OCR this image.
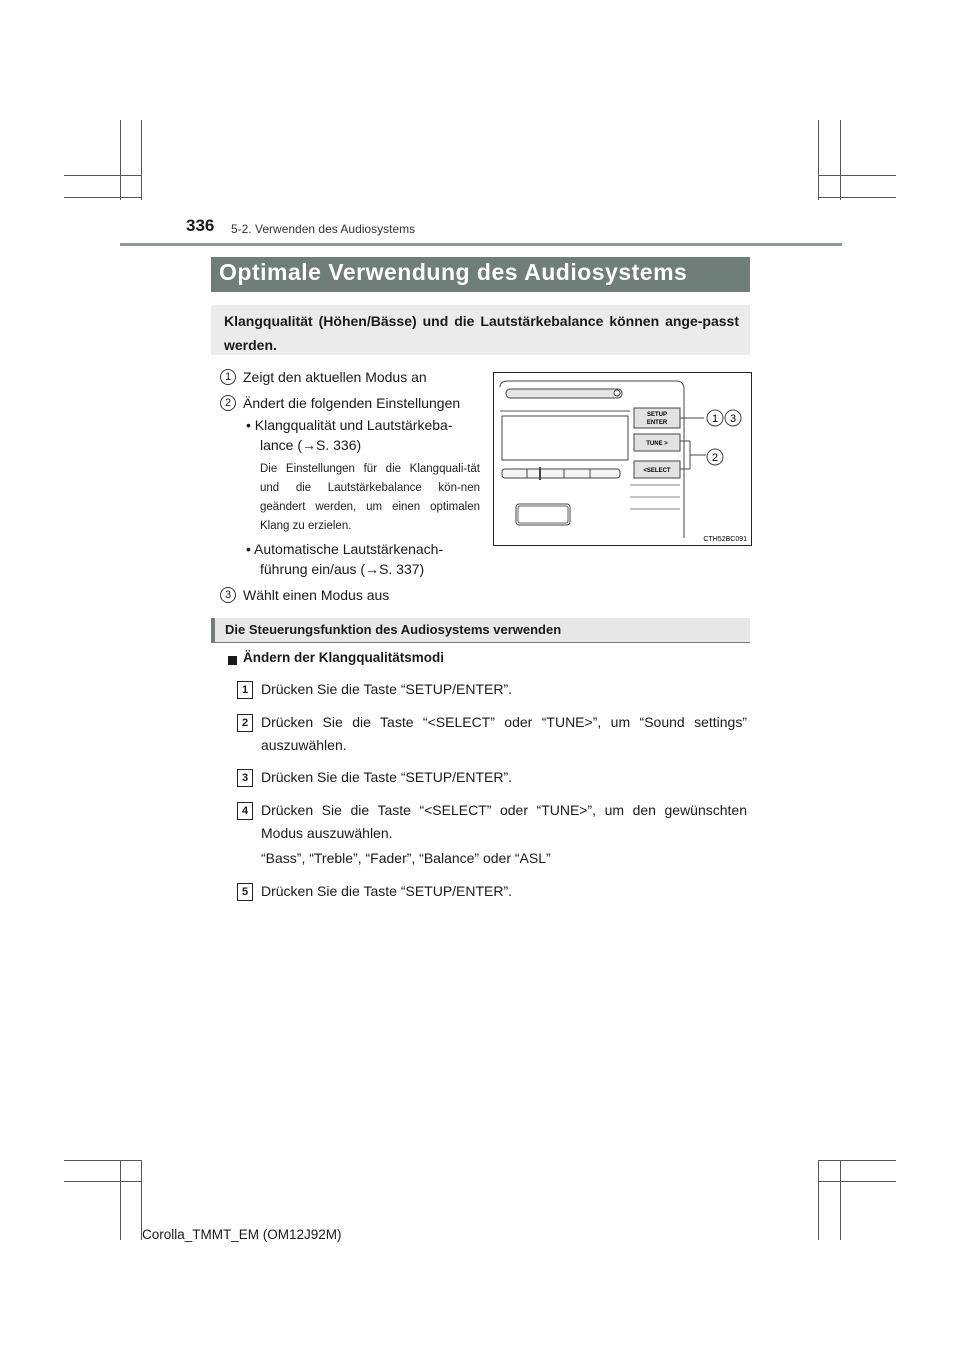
336 5-2. Verwenden des Audiosystems
Optimale Verwendung des Audiosystems

Klangqualität (Höhen/Bässe) und die Lautstärkebalance können ange-passt werden.

1 Zeigt den aktuellen Modus an
2 Ändert die folgenden Einstellungen
• Klangqualität und Lautstärkeba-
lance (→S. 336)
Die Einstellungen für die Klangquali-tät und die Lautstärkebalance kön-nen geändert werden, um einen optimalen Klang zu erzielen.
• Automatische Lautstärkenach-
führung ein/aus (→S. 337)
3 Wählt einen Modus aus
SETUP
ENTER
TUNE >
<SELECT
1 3
2
CTH52BC091
Die Steuerungsfunktion des Audiosystems verwenden
Ändern der Klangqualitätsmodi
1 Drücken Sie die Taste “SETUP/ENTER”.
2 Drücken Sie die Taste “<SELECT” oder “TUNE>”, um “Sound settings” auszuwählen.
3 Drücken Sie die Taste “SETUP/ENTER”.
4 Drücken Sie die Taste “<SELECT” oder “TUNE>”, um den gewünschten Modus auszuwählen.
“Bass”, “Treble”, “Fader”, “Balance” oder “ASL”
5 Drücken Sie die Taste “SETUP/ENTER”.
Corolla_TMMT_EM (OM12J92M)
